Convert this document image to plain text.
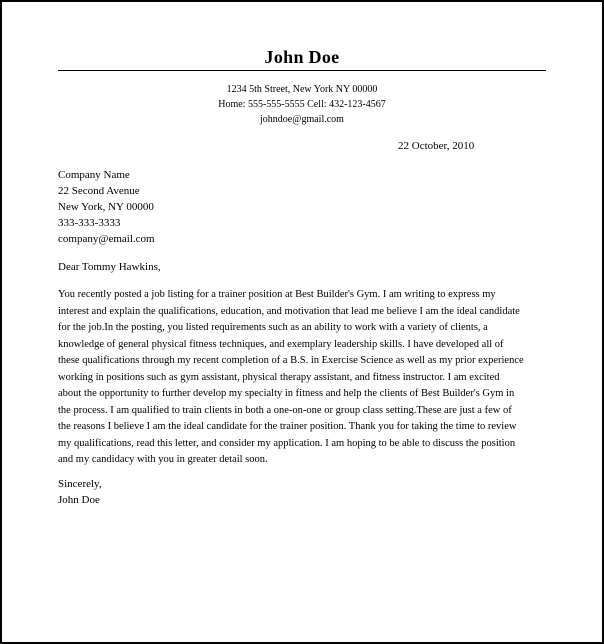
John Doe
1234 5th Street, New York NY 00000
Home: 555-555-5555 Cell: 432-123-4567
johndoe@gmail.com
22 October, 2010
Company Name
22 Second Avenue
New York, NY 00000
333-333-3333
company@email.com
Dear Tommy Hawkins,
You recently posted a job listing for a trainer position at Best Builder's Gym. I am writing to express my
interest and explain the qualifications, education, and motivation that lead me believe I am the ideal candidate
for the job.In the posting, you listed requirements such as an ability to work with a variety of clients, a
knowledge of general physical fitness techniques, and exemplary leadership skills. I have developed all of
these qualifications through my recent completion of a B.S. in Exercise Science as well as my prior experience
working in positions such as gym assistant, physical therapy assistant, and fitness instructor. I am excited
about the opportunity to further develop my specialty in fitness and help the clients of Best Builder's Gym in
the process. I am qualified to train clients in both a one-on-one or group class setting.These are just a few of
the reasons I believe I am the ideal candidate for the trainer position. Thank you for taking the time to review
my qualifications, read this letter, and consider my application. I am hoping to be able to discuss the position
and my candidacy with you in greater detail soon.
Sincerely,
John Doe
